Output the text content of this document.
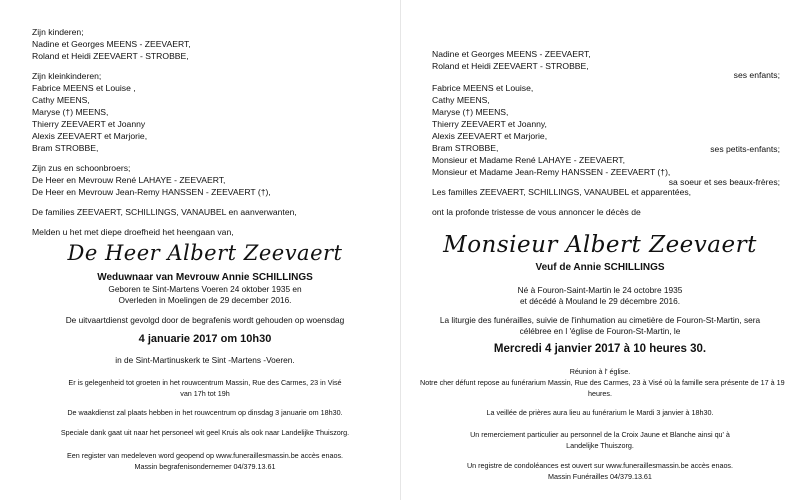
Zijn kinderen;
Nadine et Georges MEENS - ZEEVAERT,
Roland et Heidi ZEEVAERT - STROBBE,
Zijn kleinkinderen;
Fabrice MEENS et Louise ,
Cathy MEENS,
Maryse (†) MEENS,
Thierry ZEEVAERT et Joanny
Alexis ZEEVAERT et Marjorie,
Bram STROBBE,
Zijn zus en schoonbroers;
De Heer en Mevrouw René LAHAYE - ZEEVAERT,
De Heer en Mevrouw Jean-Remy HANSSEN - ZEEVAERT (†),
De families ZEEVAERT, SCHILLINGS, VANAUBEL en aanverwanten,
Melden u het met diepe droefheid het heengaan van,
De Heer Albert Zeevaert
Weduwnaar van Mevrouw Annie SCHILLINGS
Geboren te Sint-Martens Voeren 24 oktober 1935 en
Overleden in Moelingen de 29 december 2016.
De uitvaartdienst gevolgd door de begrafenis wordt gehouden op woensdag
4 januarie 2017 om 10h30
in de Sint-Martinuskerk te Sint -Martens -Voeren.
Er is gelegenheid tot groeten in het rouwcentrum Massin, Rue des Carmes, 23 in Visé
van 17h tot 19h
De waakdienst zal plaats hebben in het rouwcentrum op dinsdag 3 januarie om 18h30.
Speciale dank gaat uit naar het personeel wit geel Kruis als ook naar Landelijke Thuiszorg.
Een register van medeleven word geopend op www.funeraillesmassin.be accès enaos.
Massin begrafenisondernemer 04/379.13.61
Nadine et Georges MEENS - ZEEVAERT,
Roland et Heidi ZEEVAERT - STROBBE,
ses enfants;
Fabrice MEENS et Louise,
Cathy MEENS,
Maryse (†) MEENS,
Thierry ZEEVAERT et Joanny,
Alexis ZEEVAERT et Marjorie,
Bram STROBBE,	ses petits-enfants;
Monsieur et Madame René LAHAYE - ZEEVAERT,
Monsieur et Madame Jean-Remy HANSSEN - ZEEVAERT (†),
sa soeur et ses beaux-frères;
Les familles ZEEVAERT, SCHILLINGS, VANAUBEL et apparentées,
ont la profonde tristesse de vous annoncer le décès de
Monsieur Albert Zeevaert
Veuf de Annie SCHILLINGS
Né à Fouron-Saint-Martin le 24 octobre 1935
et décédé à Mouland le 29 décembre 2016.
La liturgie des funérailles, suivie de l'inhumation au cimetière de Fouron-St-Martin, sera
célébree en l 'église de Fouron-St-Martin, le
Mercredi 4 janvier 2017 à 10 heures 30.
Réunion à l' église.
Notre cher défunt repose au funérarium Massin, Rue des Carmes, 23 à Visé où la famille sera présente de 17 à 19
heures.
La veillée de prières aura lieu au funérarium le Mardi 3 janvier à 18h30.
Un remerciement particulier au personnel de la Croix Jaune et Blanche ainsi qu' à
Landelijke Thuiszorg.
Un registre de condoléances est ouvert sur www.funeraillesmassin.be accès enaos.
Massin Funérailles 04/379.13.61
